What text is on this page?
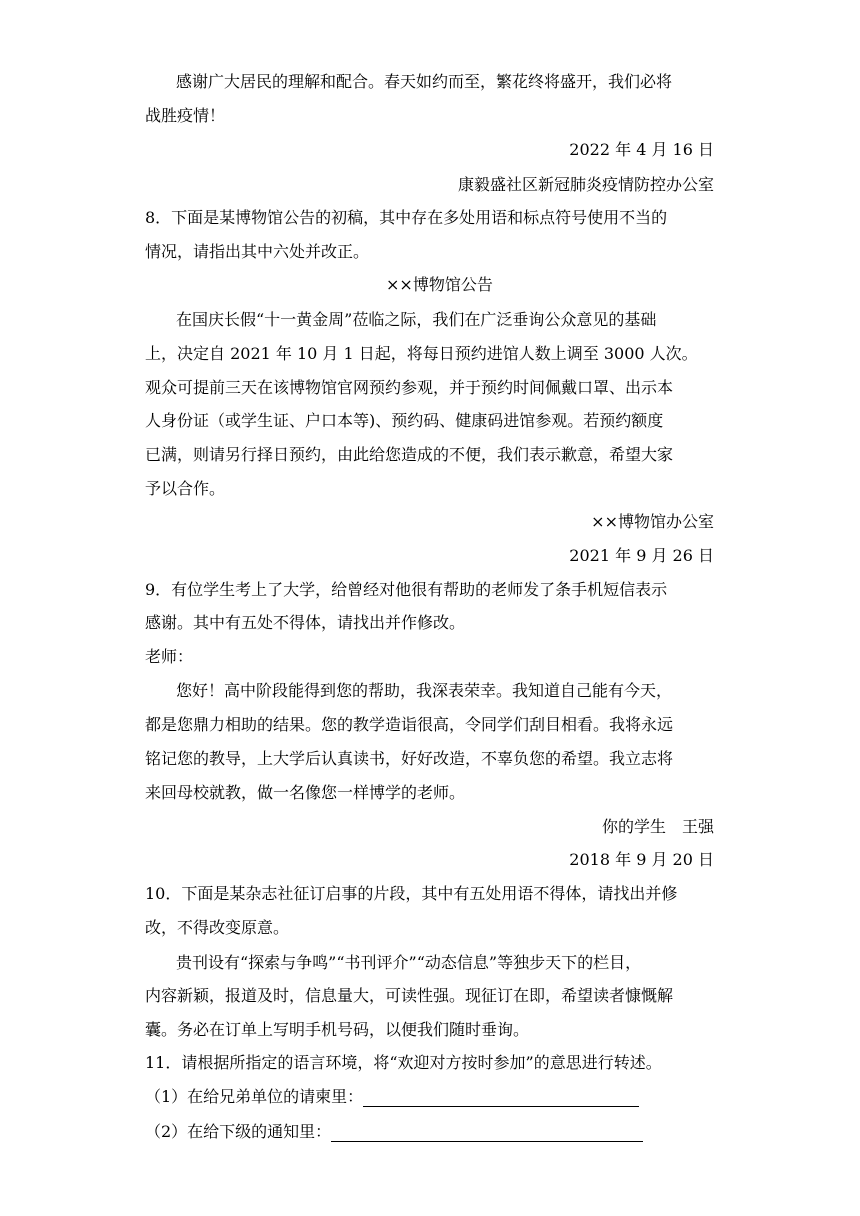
感谢广大居民的理解和配合。春天如约而至，繁花终将盛开，我们必将
战胜疫情！
2022 年 4 月 16 日
康毅盛社区新冠肺炎疫情防控办公室
8．下面是某博物馆公告的初稿，其中存在多处用语和标点符号使用不当的
情况，请指出其中六处并改正。
××博物馆公告
在国庆长假“十一黄金周”莅临之际，我们在广泛垂询公众意见的基础
上，决定自 2021 年 10 月 1 日起，将每日预约进馆人数上调至 3000 人次。
观众可提前三天在该博物馆官网预约参观，并于预约时间佩戴口罩、出示本
人身份证（或学生证、户口本等)、预约码、健康码进馆参观。若预约额度
已满，则请另行择日预约，由此给您造成的不便，我们表示歉意，希望大家
予以合作。
××博物馆办公室
2021 年 9 月 26 日
9．有位学生考上了大学，给曾经对他很有帮助的老师发了条手机短信表示
感谢。其中有五处不得体，请找出并作修改。
老师：
您好！高中阶段能得到您的帮助，我深表荣幸。我知道自己能有今天，
都是您鼎力相助的结果。您的教学造诣很高，令同学们刮目相看。我将永远
铭记您的教导，上大学后认真读书，好好改造，不辜负您的希望。我立志将
来回母校就教，做一名像您一样博学的老师。
你的学生　王强
2018 年 9 月 20 日
10．下面是某杂志社征订启事的片段，其中有五处用语不得体，请找出并修
改，不得改变原意。
贵刊设有“探索与争鸣”“书刊评介”“动态信息”等独步天下的栏目，
内容新颖，报道及时，信息量大，可读性强。现征订在即，希望读者慷慨解
囊。务必在订单上写明手机号码，以便我们随时垂询。
11．请根据所指定的语言环境，将“欢迎对方按时参加”的意思进行转述。
（1）在给兄弟单位的请柬里：
（2）在给下级的通知里：
